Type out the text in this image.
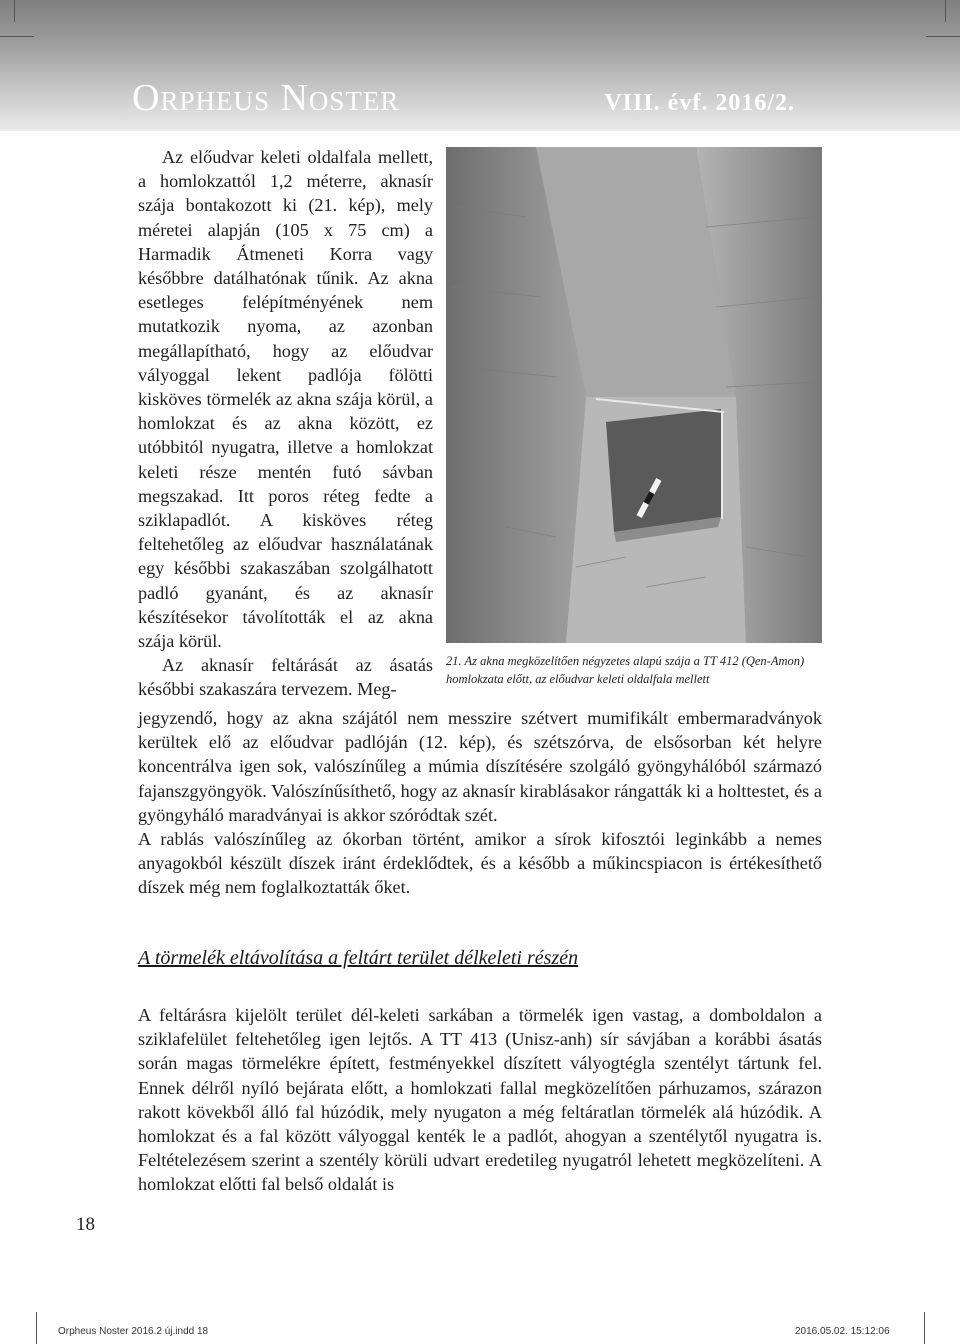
Orpheus Noster	VIII. évf. 2016/2.

Az előudvar keleti oldalfala mellett, a homlokzattól 1,2 méterre, aknasír szája bontakozott ki (21. kép), mely méretei alapján (105 x 75 cm) a Harmadik Átmeneti Korra vagy későbbre datálhatónak tűnik. Az akna esetleges felépítményének nem mutatkozik nyoma, az azonban megállapítható, hogy az előudvar vályoggal lekent padlója fölötti kisköves törmelék az akna szája körül, a homlokzat és az akna között, ez utóbbitól nyugatra, illetve a homlokzat keleti része mentén futó sávban megszakad. Itt poros réteg fedte a sziklapadlót. A kisköves réteg feltehetőleg az előudvar használatának egy későbbi szakaszában szolgálhatott padló gyanánt, és az aknasír készítésekor távolították el az akna szája körül.

Az aknasír feltárását az ásatás későbbi szakaszára tervezem. Meg-

21. Az akna megközelítően négyzetes alapú szája a TT 412 (Qen-Amon)
homlokzata előtt, az előudvar keleti oldalfala mellett

jegyzendő, hogy az akna szájától nem messzire szétvert mumifikált embermaradványok kerültek elő az előudvar padlóján (12. kép), és szétszórva, de elsősorban két helyre koncentrálva igen sok, valószínűleg a múmia díszítésére szolgáló gyöngyhálóból származó fajanszgyöngyök. Valószínűsíthető, hogy az aknasír kirablásakor rángatták ki a holttestet, és a gyöngyháló maradványai is akkor szóródtak szét.

A rablás valószínűleg az ókorban történt, amikor a sírok kifosztói leginkább a nemes anyagokból készült díszek iránt érdeklődtek, és a később a műkincspiacon is értékesíthető díszek még nem foglalkoztatták őket.

A törmelék eltávolítása a feltárt terület délkeleti részén

A feltárásra kijelölt terület dél-keleti sarkában a törmelék igen vastag, a domboldalon a sziklafelület feltehetőleg igen lejtős. A TT 413 (Unisz-anh) sír sávjában a korábbi ásatás során magas törmelékre épített, festményekkel díszített vályogtégla szentélyt tártunk fel. Ennek délről nyíló bejárata előtt, a homlokzati fallal megközelítően párhuzamos, szárazon rakott kövekből álló fal húzódik, mely nyugaton a még feltáratlan törmelék alá húzódik. A homlokzat és a fal között vályoggal kenték le a padlót, ahogyan a szentélytől nyugatra is. Feltételezésem szerint a szentély körüli udvart eredetileg nyugatról lehetett megközelíteni. A homlokzat előtti fal belső oldalát is

18
Orpheus Noster 2016.2 új.indd 18	2016.05.02. 15:12:06
